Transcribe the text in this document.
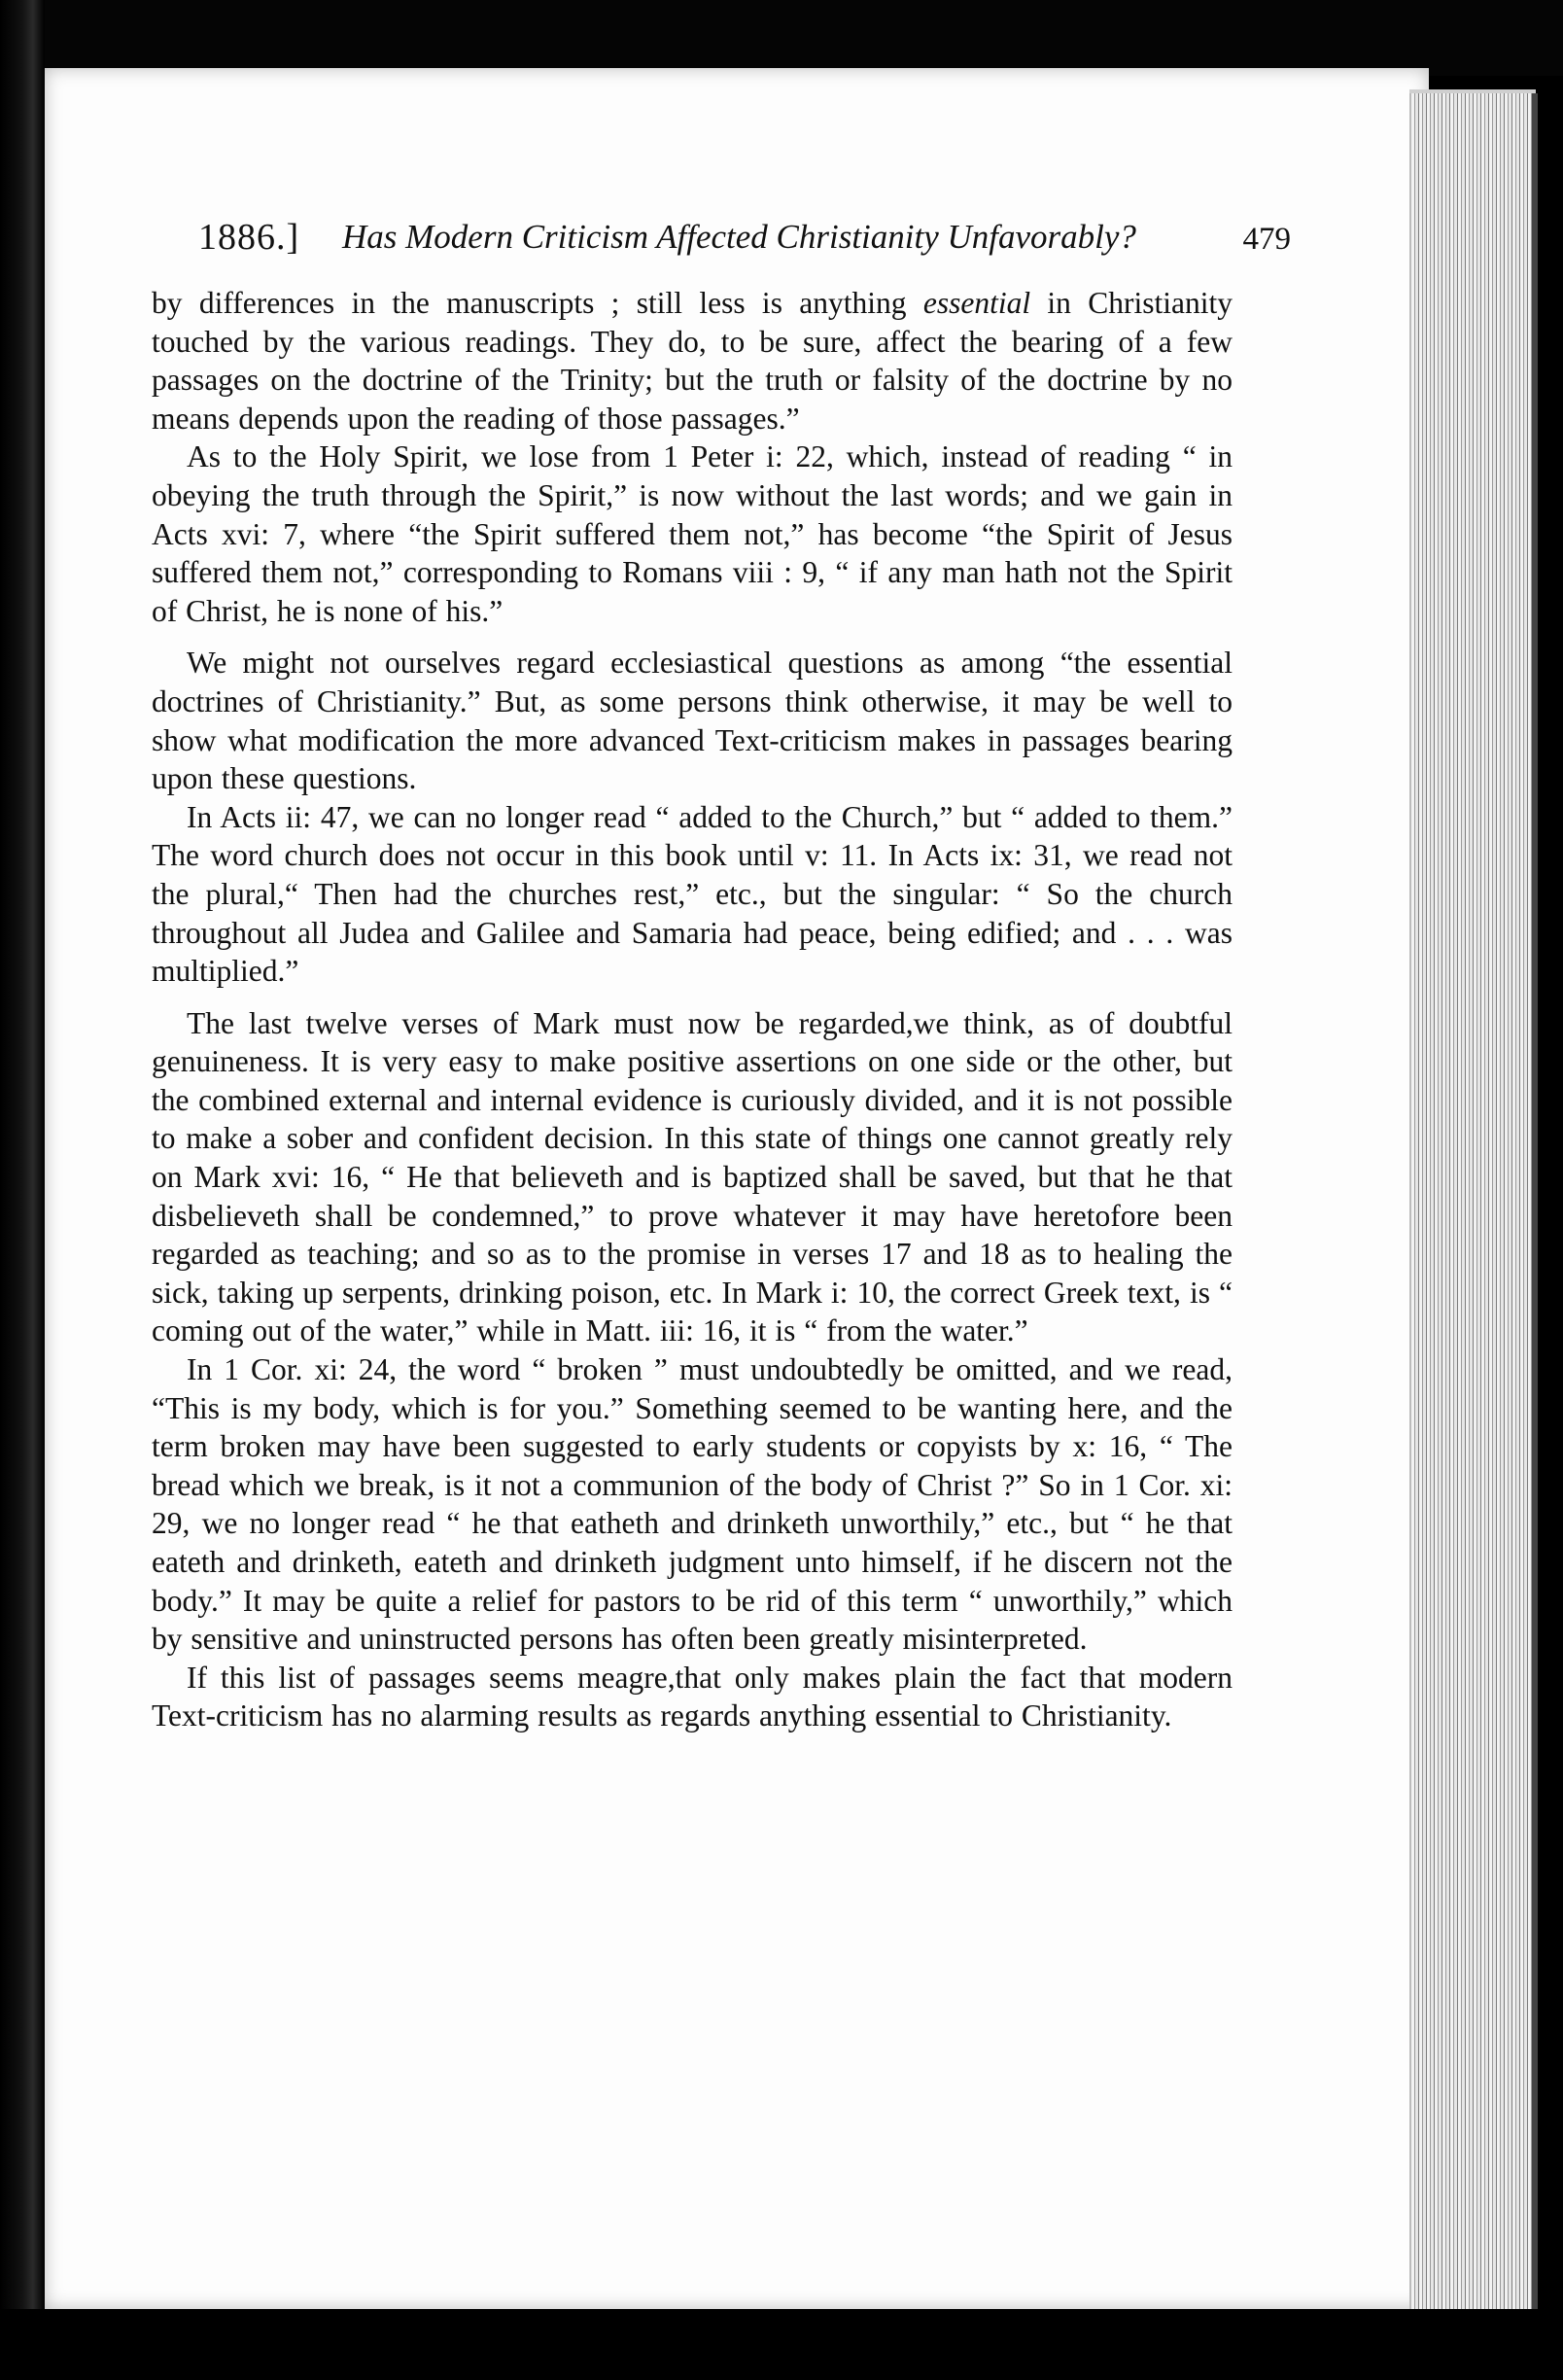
1886.] Has Modern Criticism Affected Christianity Unfavorably?	479

by differences in the manuscripts ; still less is anything essential in Christianity touched by the various readings. They do, to be sure, affect the bearing of a few passages on the doctrine of the Trinity; but the truth or falsity of the doctrine by no means depends upon the reading of those passages.”

As to the Holy Spirit, we lose from 1 Peter i: 22, which, instead of reading “ in obeying the truth through the Spirit,” is now without the last words; and we gain in Acts xvi: 7, where “the Spirit suffered them not,” has become “the Spirit of Jesus suffered them not,” corresponding to Romans viii : 9, “ if any man hath not the Spirit of Christ, he is none of his.”

We might not ourselves regard ecclesiastical questions as among “the essential doctrines of Christianity.” But, as some persons think otherwise, it may be well to show what modification the more advanced Text-criticism makes in passages bearing upon these questions.

In Acts ii: 47, we can no longer read “ added to the Church,” but “ added to them.” The word church does not occur in this book until v: 11. In Acts ix: 31, we read not the plural,“ Then had the churches rest,” etc., but the singular: “ So the church throughout all Judea and Galilee and Samaria had peace, being edified; and . . . was multiplied.”

The last twelve verses of Mark must now be regarded,we think, as of doubtful genuineness. It is very easy to make positive assertions on one side or the other, but the combined external and internal evidence is curiously divided, and it is not possible to make a sober and confident decision. In this state of things one cannot greatly rely on Mark xvi: 16, “ He that believeth and is baptized shall be saved, but that he that disbelieveth shall be condemned,” to prove whatever it may have heretofore been regarded as teaching; and so as to the promise in verses 17 and 18 as to healing the sick, taking up serpents, drinking poison, etc. In Mark i: 10, the correct Greek text, is “ coming out of the water,” while in Matt. iii: 16, it is “ from the water.”

In 1 Cor. xi: 24, the word “ broken ” must undoubtedly be omitted, and we read, “This is my body, which is for you.” Something seemed to be wanting here, and the term broken may have been suggested to early students or copyists by x: 16, “ The bread which we break, is it not a communion of the body of Christ ?” So in 1 Cor. xi: 29, we no longer read “ he that eatheth and drinketh unworthily,” etc., but “ he that eateth and drinketh, eateth and drinketh judgment unto himself, if he discern not the body.” It may be quite a relief for pastors to be rid of this term “ unworthily,” which by sensitive and uninstructed persons has often been greatly misinterpreted.

If this list of passages seems meagre,that only makes plain the fact that modern Text-criticism has no alarming results as regards anything essential to Christianity.
